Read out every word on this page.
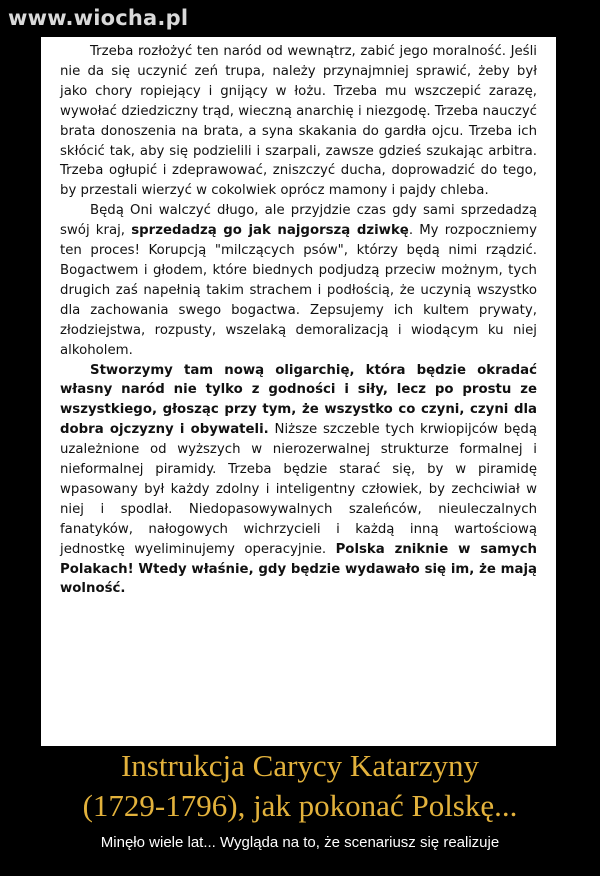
www.wiocha.pl

Trzeba rozłożyć ten naród od wewnątrz, zabić jego moralność. Jeśli nie da się uczynić zeń trupa, należy przynajmniej sprawić, żeby był jako chory ropiejący i gnijący w łożu. Trzeba mu wszczepić zarazę, wywołać dziedziczny trąd, wieczną anarchię i niezgodę. Trzeba nauczyć brata donoszenia na brata, a syna skakania do gardła ojcu. Trzeba ich skłócić tak, aby się podzielili i szarpali, zawsze gdzieś szukając arbitra. Trzeba ogłupić i zdeprawować, zniszczyć ducha, doprowadzić do tego, by przestali wierzyć w cokolwiek oprócz mamony i pajdy chleba.

Będą Oni walczyć długo, ale przyjdzie czas gdy sami sprzedadzą swój kraj, sprzedadzą go jak najgorszą dziwkę. My rozpoczniemy ten proces! Korupcją "milczących psów", którzy będą nimi rządzić. Bogactwem i głodem, które biednych podjudzą przeciw możnym, tych drugich zaś napełnią takim strachem i podłością, że uczynią wszystko dla zachowania swego bogactwa. Zepsujemy ich kultem prywaty, złodziejstwa, rozpusty, wszelaką demoralizacją i wiodącym ku niej alkoholem.

Stworzymy tam nową oligarchię, która będzie okradać własny naród nie tylko z godności i siły, lecz po prostu ze wszystkiego, głosząc przy tym, że wszystko co czyni, czyni dla dobra ojczyzny i obywateli. Niższe szczeble tych krwiopijców będą uzależnione od wyższych w nierozerwalnej strukturze formalnej i nieformalnej piramidy. Trzeba będzie starać się, by w piramidę wpasowany był każdy zdolny i inteligentny człowiek, by zechciwiał w niej i spodlał. Niedopasowywalnych szaleńców, nieuleczalnych fanatyków, nałogowych wichrzycieli i każdą inną wartościową jednostkę wyeliminujemy operacyjnie. Polska zniknie w samych Polakach! Wtedy właśnie, gdy będzie wydawało się im, że mają wolność.

Instrukcja Carycy Katarzyny
(1729-1796), jak pokonać Polskę...
Minęło wiele lat... Wygląda na to, że scenariusz się realizuje
